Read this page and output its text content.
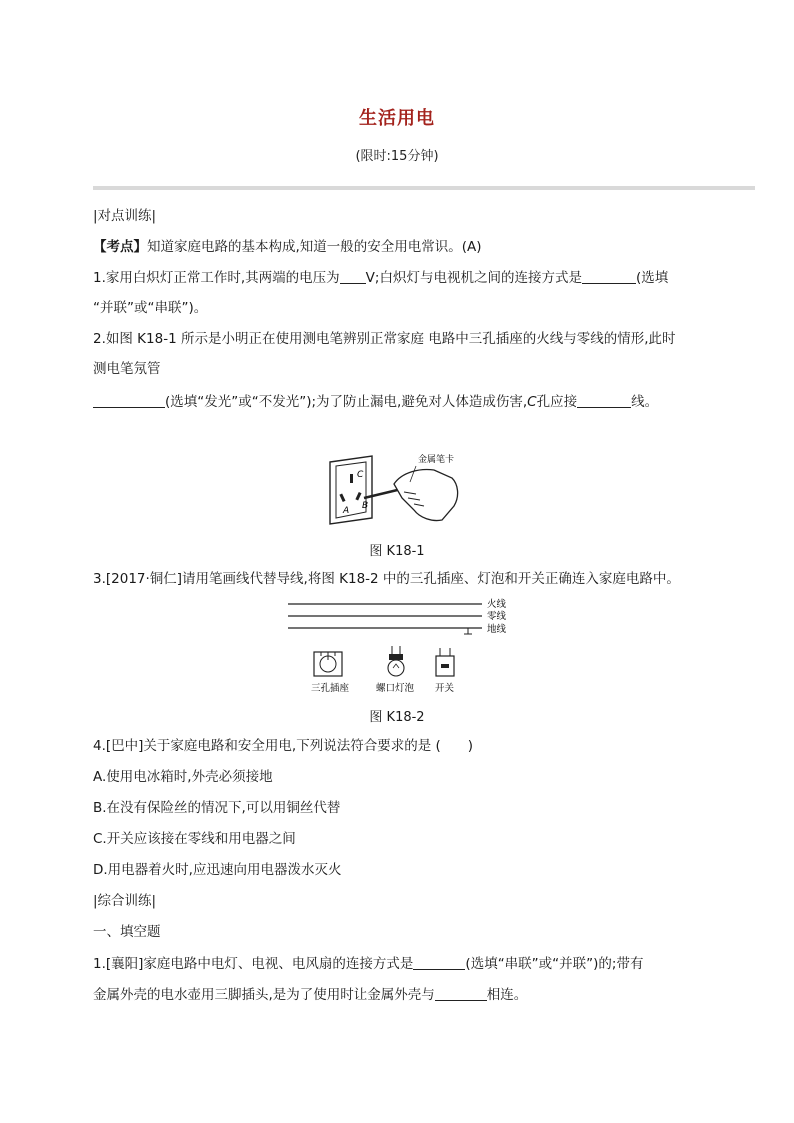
生活用电
(限时:15分钟)
|对点训练|
【考点】知道家庭电路的基本构成,知道一般的安全用电常识。(A)
1.家用白炽灯正常工作时,其两端的电压为 V;白炽灯与电视机之间的连接方式是	(选填
“并联”或“串联”)。
2.如图 K18-1 所示是小明正在使用测电笔辨别正常家庭 电路中三孔插座的火线与零线的情形,此时
测电笔氖管
(选填“发光”或“不发光”);为了防止漏电,避免对人体造成伤害,C孔应接	线。
C
A B
金属笔卡
图 K18-1
3.[2017·铜仁]请用笔画线代替导线,将图 K18-2 中的三孔插座、灯泡和开关正确连入家庭电路中。
火线
零线
地线
三孔插座	螺口灯泡 开关
图 K18-2
4.[巴中]关于家庭电路和安全用电,下列说法符合要求的是 (　　)
A.使用电冰箱时,外壳必须接地
B.在没有保险丝的情况下,可以用铜丝代替
C.开关应该接在零线和用电器之间
D.用电器着火时,应迅速向用电器泼水灭火
|综合训练|
一、填空题
1.[襄阳]家庭电路中电灯、电视、电风扇的连接方式是	(选填“串联”或“并联”)的;带有
金属外壳的电水壶用三脚插头,是为了使用时让金属外壳与	相连。
